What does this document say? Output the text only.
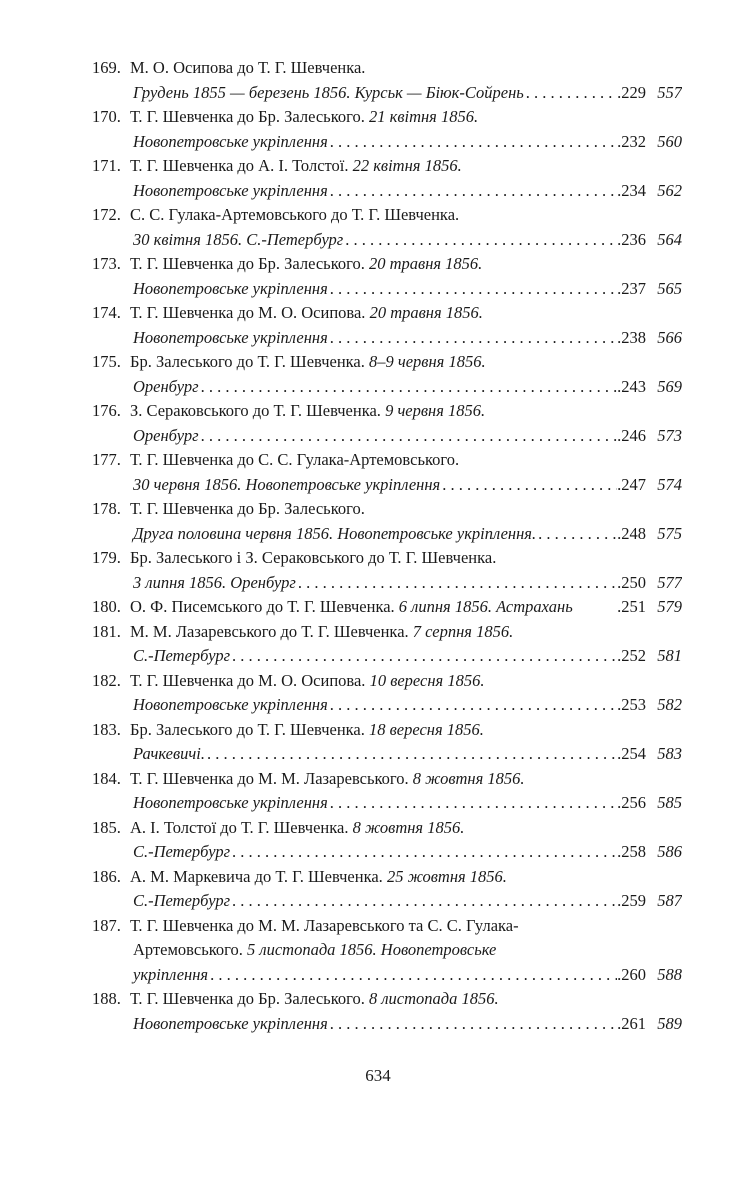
169. М. О. Осипова до Т. Г. Шевченка.
Грудень 1855 — березень 1856. Курськ — Біюк-Сойрень . . .	.229 557
170. Т. Г. Шевченка до Бр. Залеського. 21 квітня 1856.
Новопетровське укріплення . . .	.232 560
171. Т. Г. Шевченка до А. І. Толстої. 22 квітня 1856.
Новопетровське укріплення . . .	.234 562
172. С. С. Гулака-Артемовського до Т. Г. Шевченка.
30 квітня 1856. С.-Петербург . . .	.236 564
173. Т. Г. Шевченка до Бр. Залеського. 20 травня 1856.
Новопетровське укріплення . . .	.237 565
174. Т. Г. Шевченка до М. О. Осипова. 20 травня 1856.
Новопетровське укріплення . . .	.238 566
175. Бр. Залеського до Т. Г. Шевченка. 8–9 червня 1856.
Оренбург . . .	.243 569
176. З. Сераковського до Т. Г. Шевченка. 9 червня 1856.
Оренбург . . .	.246 573
177. Т. Г. Шевченка до С. С. Гулака-Артемовського.
30 червня 1856. Новопетровське укріплення . . .	.247 574
178. Т. Г. Шевченка до Бр. Залеського.
Друга половина червня 1856. Новопетровське укріплення. . . .	.248 575
179. Бр. Залеського і З. Сераковського до Т. Г. Шевченка.
3 липня 1856. Оренбург . . .	.250 577
180. О. Ф. Писемського до Т. Г. Шевченка. 6 липня 1856. Астрахань	.251 579
181. М. М. Лазаревського до Т. Г. Шевченка. 7 серпня 1856.
С.-Петербург . . .	.252 581
182. Т. Г. Шевченка до М. О. Осипова. 10 вересня 1856.
Новопетровське укріплення . . .	.253 582
183. Бр. Залеського до Т. Г. Шевченка. 18 вересня 1856.
Рачкевичі. . . .	.254 583
184. Т. Г. Шевченка до М. М. Лазаревського. 8 жовтня 1856.
Новопетровське укріплення . . .	.256 585
185. А. І. Толстої до Т. Г. Шевченка. 8 жовтня 1856.
С.-Петербург . . .	.258 586
186. А. М. Маркевича до Т. Г. Шевченка. 25 жовтня 1856.
С.-Петербург . . .	.259 587
187. Т. Г. Шевченка до М. М. Лазаревського та С. С. Гулака-
Артемовського. 5 листопада 1856. Новопетровське
укріплення . . .	.260 588
188. Т. Г. Шевченка до Бр. Залеського. 8 листопада 1856.
Новопетровське укріплення . . .	.261 589
634
